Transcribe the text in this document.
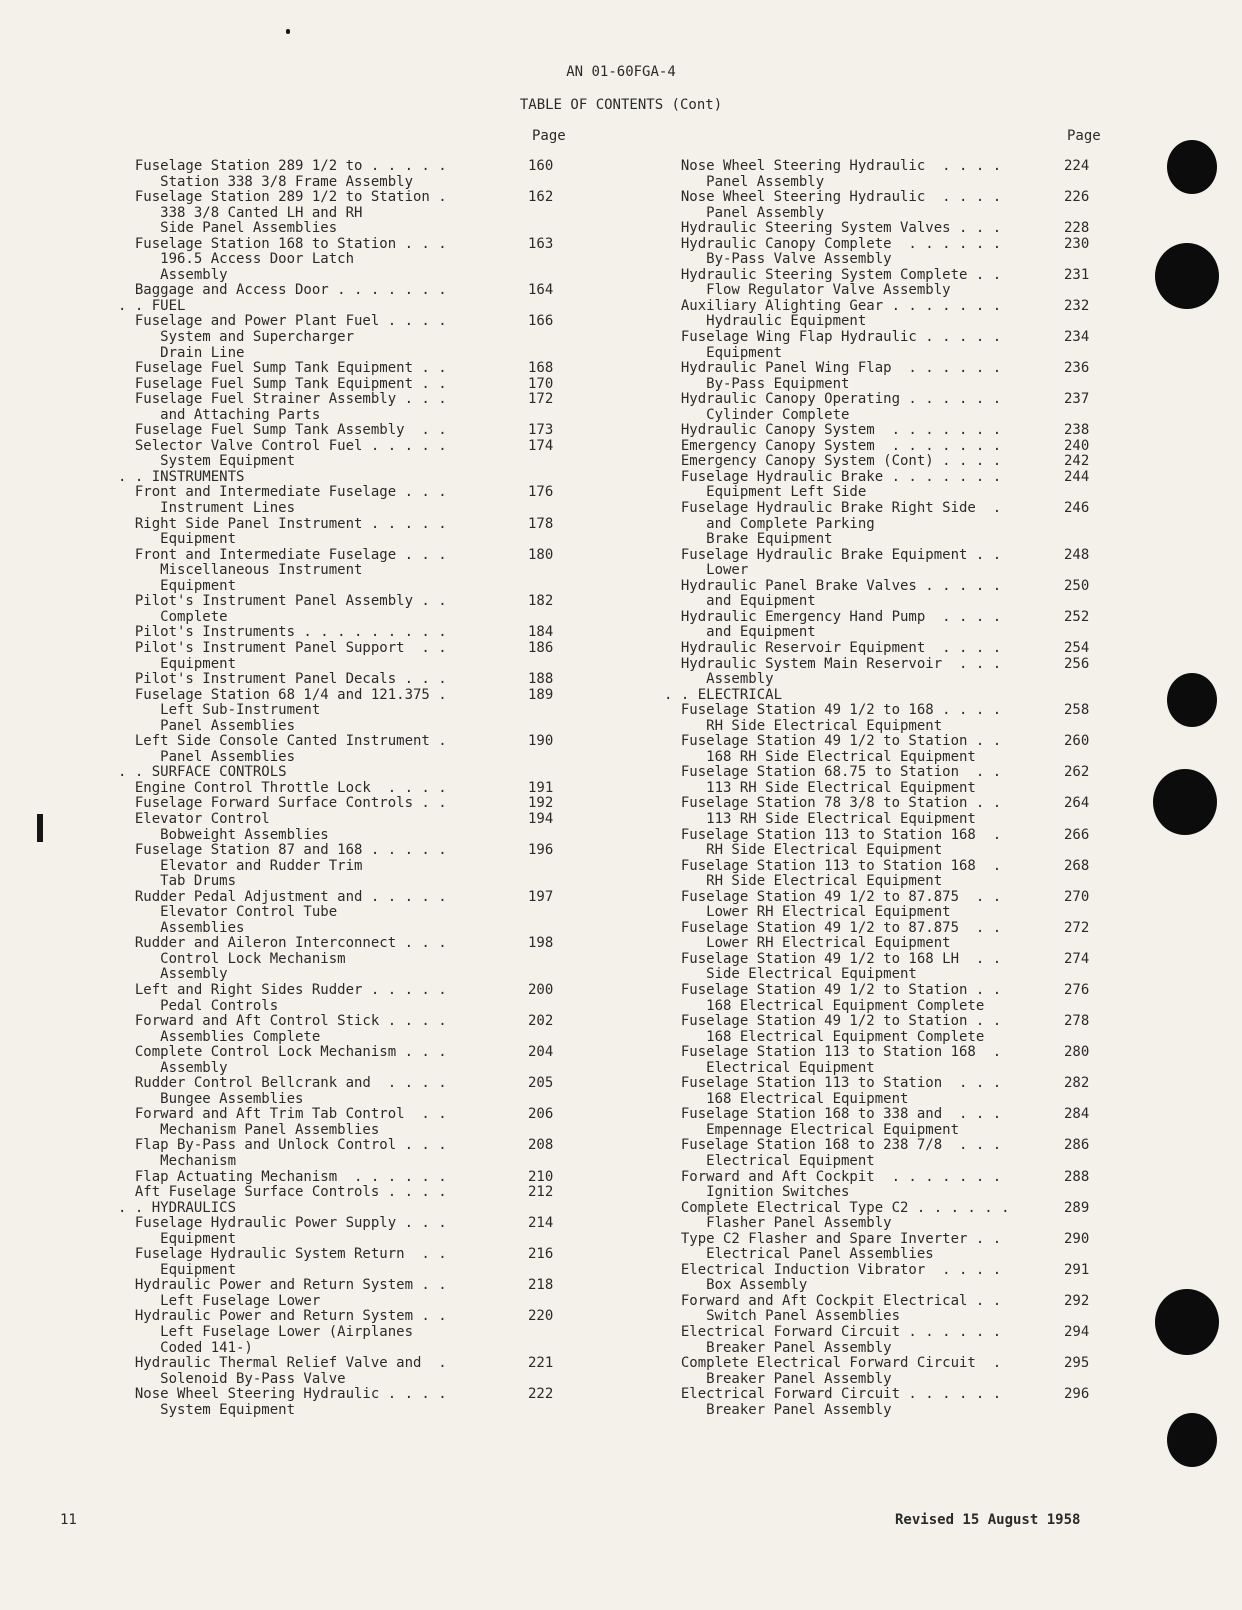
AN 01-60FGA-4
TABLE OF CONTENTS (Cont)
Page	Page
Fuselage Station 289 1/2 to . . . . .	160
Station 338 3/8 Frame Assembly
Fuselage Station 289 1/2 to Station .	162
338 3/8 Canted LH and RH
Side Panel Assemblies
Fuselage Station 168 to Station . . .	163
196.5 Access Door Latch
Assembly
Baggage and Access Door . . . . . . .	164
. . FUEL
Fuselage and Power Plant Fuel . . . .	166
System and Supercharger
Drain Line
Fuselage Fuel Sump Tank Equipment . .	168
Fuselage Fuel Sump Tank Equipment . .	170
Fuselage Fuel Strainer Assembly . . .	172
and Attaching Parts
Fuselage Fuel Sump Tank Assembly  . .	173
Selector Valve Control Fuel . . . . .	174
System Equipment
. . INSTRUMENTS
Front and Intermediate Fuselage . . .	176
Instrument Lines
Right Side Panel Instrument . . . . .	178
Equipment
Front and Intermediate Fuselage . . .	180
Miscellaneous Instrument
Equipment
Pilot's Instrument Panel Assembly . .	182
Complete
Pilot's Instruments . . . . . . . . .	184
Pilot's Instrument Panel Support  . .	186
Equipment
Pilot's Instrument Panel Decals . . .	188
Fuselage Station 68 1/4 and 121.375 .	189
Left Sub-Instrument
Panel Assemblies
Left Side Console Canted Instrument .	190
Panel Assemblies
. . SURFACE CONTROLS
Engine Control Throttle Lock  . . . .	191
Fuselage Forward Surface Controls . .	192
Elevator Control	194
Bobweight Assemblies
Fuselage Station 87 and 168 . . . . .	196
Elevator and Rudder Trim
Tab Drums
Rudder Pedal Adjustment and . . . . .	197
Elevator Control Tube
Assemblies
Rudder and Aileron Interconnect . . .	198
Control Lock Mechanism
Assembly
Left and Right Sides Rudder . . . . .	200
Pedal Controls
Forward and Aft Control Stick . . . .	202
Assemblies Complete
Complete Control Lock Mechanism . . .	204
Assembly
Rudder Control Bellcrank and  . . . .	205
Bungee Assemblies
Forward and Aft Trim Tab Control  . .	206
Mechanism Panel Assemblies
Flap By-Pass and Unlock Control . . .	208
Mechanism
Flap Actuating Mechanism  . . . . . .	210
Aft Fuselage Surface Controls . . . .	212
. . HYDRAULICS
Fuselage Hydraulic Power Supply . . .	214
Equipment
Fuselage Hydraulic System Return  . .	216
Equipment
Hydraulic Power and Return System . .	218
Left Fuselage Lower
Hydraulic Power and Return System . .	220
Left Fuselage Lower (Airplanes
Coded 141-)
Hydraulic Thermal Relief Valve and  .	221
Solenoid By-Pass Valve
Nose Wheel Steering Hydraulic . . . .	222
System Equipment
Nose Wheel Steering Hydraulic  . . . .	224
Panel Assembly
Nose Wheel Steering Hydraulic  . . . .	226
Panel Assembly
Hydraulic Steering System Valves . . .	228
Hydraulic Canopy Complete  . . . . . .	230
By-Pass Valve Assembly
Hydraulic Steering System Complete . .	231
Flow Regulator Valve Assembly
Auxiliary Alighting Gear . . . . . . .	232
Hydraulic Equipment
Fuselage Wing Flap Hydraulic . . . . .	234
Equipment
Hydraulic Panel Wing Flap  . . . . . .	236
By-Pass Equipment
Hydraulic Canopy Operating . . . . . .	237
Cylinder Complete
Hydraulic Canopy System  . . . . . . .	238
Emergency Canopy System  . . . . . . .	240
Emergency Canopy System (Cont) . . . .	242
Fuselage Hydraulic Brake . . . . . . .	244
Equipment Left Side
Fuselage Hydraulic Brake Right Side  .	246
and Complete Parking
Brake Equipment
Fuselage Hydraulic Brake Equipment . .	248
Lower
Hydraulic Panel Brake Valves . . . . .	250
and Equipment
Hydraulic Emergency Hand Pump  . . . .	252
and Equipment
Hydraulic Reservoir Equipment  . . . .	254
Hydraulic System Main Reservoir  . . .	256
Assembly
. . ELECTRICAL
Fuselage Station 49 1/2 to 168 . . . .	258
RH Side Electrical Equipment
Fuselage Station 49 1/2 to Station . .	260
168 RH Side Electrical Equipment
Fuselage Station 68.75 to Station  . .	262
113 RH Side Electrical Equipment
Fuselage Station 78 3/8 to Station . .	264
113 RH Side Electrical Equipment
Fuselage Station 113 to Station 168  .	266
RH Side Electrical Equipment
Fuselage Station 113 to Station 168  .	268
RH Side Electrical Equipment
Fuselage Station 49 1/2 to 87.875  . .	270
Lower RH Electrical Equipment
Fuselage Station 49 1/2 to 87.875  . .	272
Lower RH Electrical Equipment
Fuselage Station 49 1/2 to 168 LH  . .	274
Side Electrical Equipment
Fuselage Station 49 1/2 to Station . .	276
168 Electrical Equipment Complete
Fuselage Station 49 1/2 to Station . .	278
168 Electrical Equipment Complete
Fuselage Station 113 to Station 168  .	280
Electrical Equipment
Fuselage Station 113 to Station  . . .	282
168 Electrical Equipment
Fuselage Station 168 to 338 and  . . .	284
Empennage Electrical Equipment
Fuselage Station 168 to 238 7/8  . . .	286
Electrical Equipment
Forward and Aft Cockpit  . . . . . . .	288
Ignition Switches
Complete Electrical Type C2 . . . . . .	289
Flasher Panel Assembly
Type C2 Flasher and Spare Inverter . .	290
Electrical Panel Assemblies
Electrical Induction Vibrator  . . . .	291
Box Assembly
Forward and Aft Cockpit Electrical . .	292
Switch Panel Assemblies
Electrical Forward Circuit . . . . . .	294
Breaker Panel Assembly
Complete Electrical Forward Circuit  .	295
Breaker Panel Assembly
Electrical Forward Circuit . . . . . .	296
Breaker Panel Assembly
11	Revised 15 August 1958
